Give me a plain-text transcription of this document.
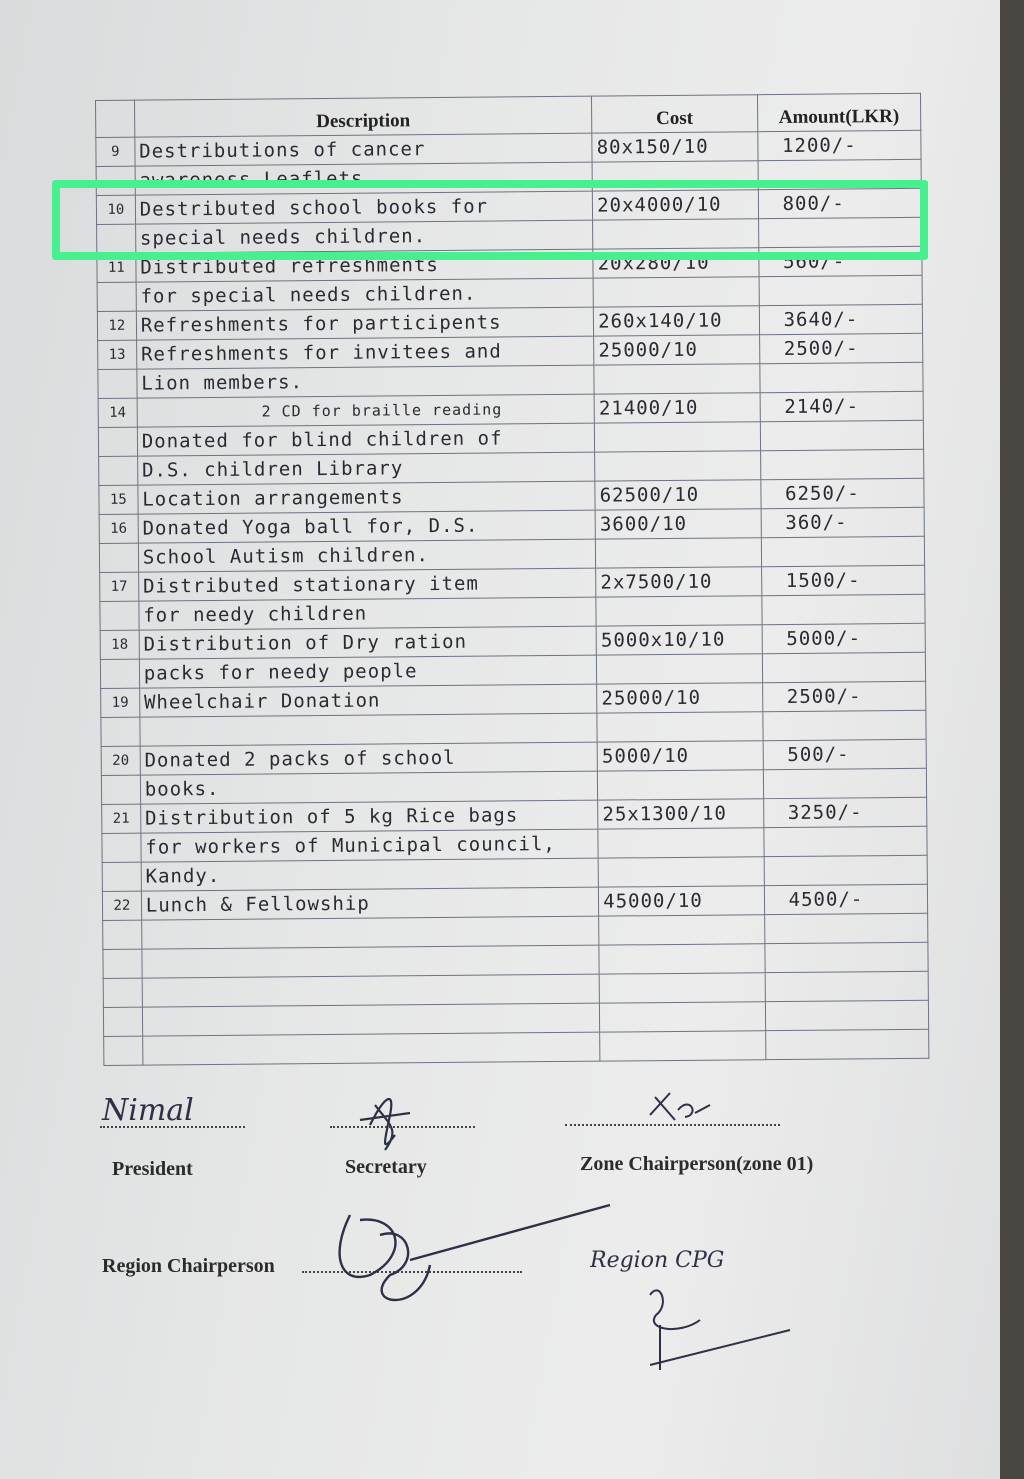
	Description	Cost	Amount(LKR)

9	Destributions of cancer	80x150/10	1200/-

	awareness Leaflets.		

10	Destributed school books for	20x4000/10	800/-

	special needs children.		

11	Distributed refreshments	20x280/10	560/-

	for special needs children.		

12	Refreshments for participents	260x140/10	3640/-

13	Refreshments for invitees and	25000/10	2500/-

	Lion members.		

14	2 CD for braille reading	21400/10	2140/-

	Donated for blind children of		

	D.S. children Library		

15	Location arrangements	62500/10	6250/-

16	Donated Yoga ball for, D.S.	3600/10	360/-

	School Autism children.		

17	Distributed stationary item	2x7500/10	1500/-

	for needy children		

18	Distribution of Dry ration	5000x10/10	5000/-

	packs for needy people		

19	Wheelchair Donation	25000/10	2500/-

20	Donated 2 packs of school	5000/10	500/-

	books.		

21	Distribution of 5 kg Rice bags	25x1300/10	3250/-

	for workers of Municipal council,		

	Kandy.		

22	Lunch & Fellowship	45000/10	4500/-

Nimal
President	Secretary	Zone Chairperson(zone 01)
Region Chairperson	Region CPG
